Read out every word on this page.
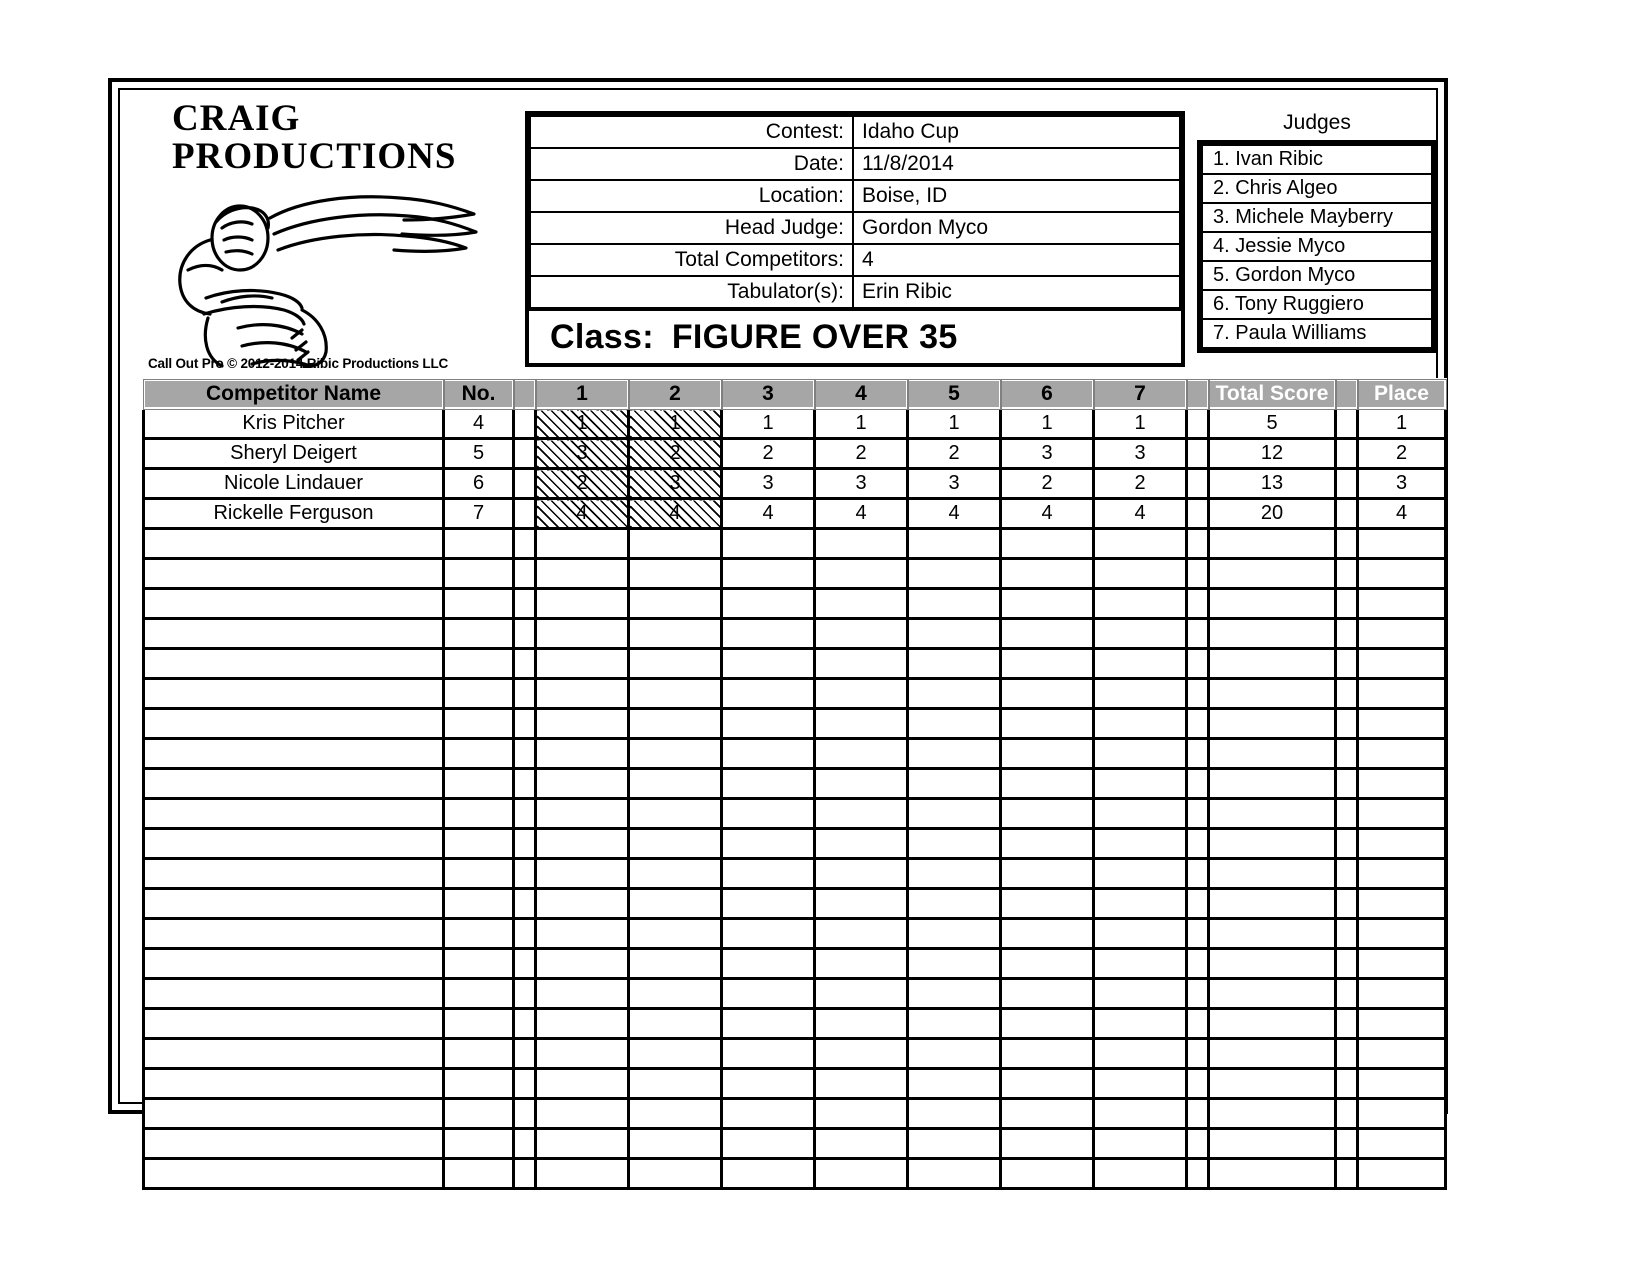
CRAIG
PRODUCTIONS
Call Out Pro © 2012-2014 Ribic Productions LLC
Contest:	Idaho Cup
Date:	11/8/2014
Location:	Boise, ID
Head Judge:	Gordon Myco
Total Competitors:	4
Tabulator(s):	Erin Ribic
Class: FIGURE OVER 35	
Judges
1. Ivan Ribic
2. Chris Algeo
3. Michele Mayberry
4. Jessie Myco
5. Gordon Myco
6. Tony Ruggiero
7. Paula Williams
Competitor Name	No.		1	2	3	4	5	6	7		Total Score		Place
Kris Pitcher	4		1	1	1	1	1	1	1		5		1
Sheryl Deigert	5		3	2	2	2	2	3	3		12		2
Nicole Lindauer	6		2	3	3	3	3	2	2		13		3
Rickelle Ferguson	7		4	4	4	4	4	4	4		20		4
